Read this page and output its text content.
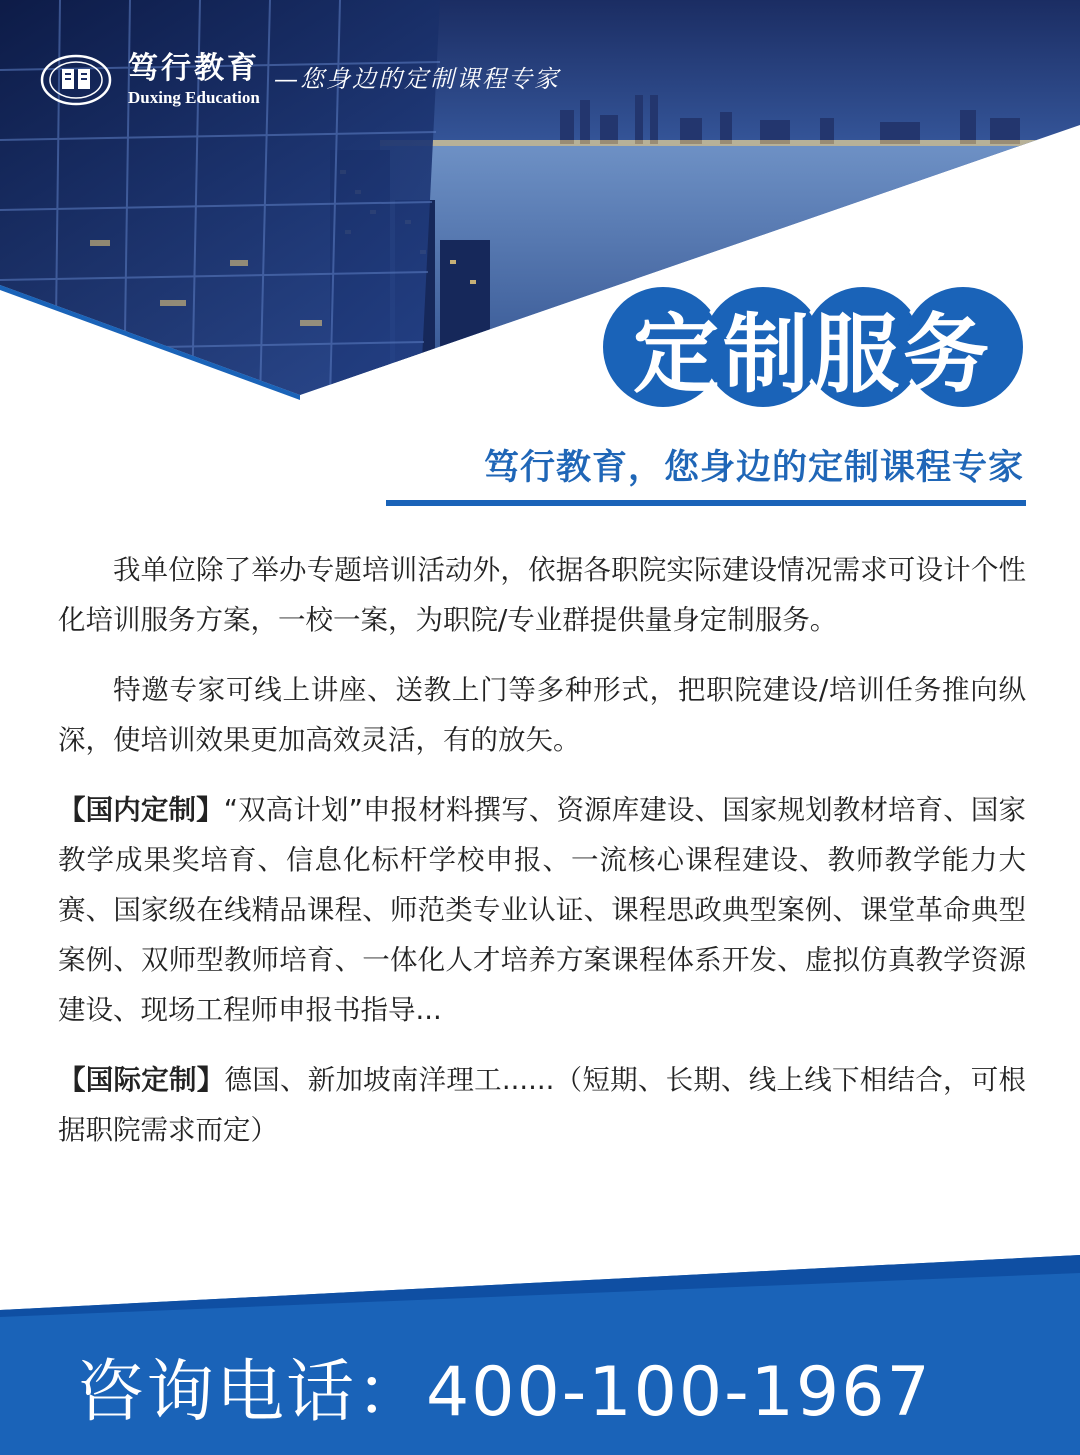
笃行教育
Duxing Education
—您身边的定制课程专家
定制服务
笃行教育，您身边的定制课程专家

我单位除了举办专题培训活动外，依据各职院实际建设情况需求可设计个性化培训服务方案，一校一案，为职院/专业群提供量身定制服务。

特邀专家可线上讲座、送教上门等多种形式，把职院建设/培训任务推向纵深，使培训效果更加高效灵活，有的放矢。

【国内定制】“双高计划”申报材料撰写、资源库建设、国家规划教材培育、国家教学成果奖培育、信息化标杆学校申报、一流核心课程建设、教师教学能力大赛、国家级在线精品课程、师范类专业认证、课程思政典型案例、课堂革命典型案例、双师型教师培育、一体化人才培养方案课程体系开发、虚拟仿真教学资源建设、现场工程师申报书指导...

【国际定制】德国、新加坡南洋理工......（短期、长期、线上线下相结合，可根据职院需求而定）

咨询电话：400-100-1967
